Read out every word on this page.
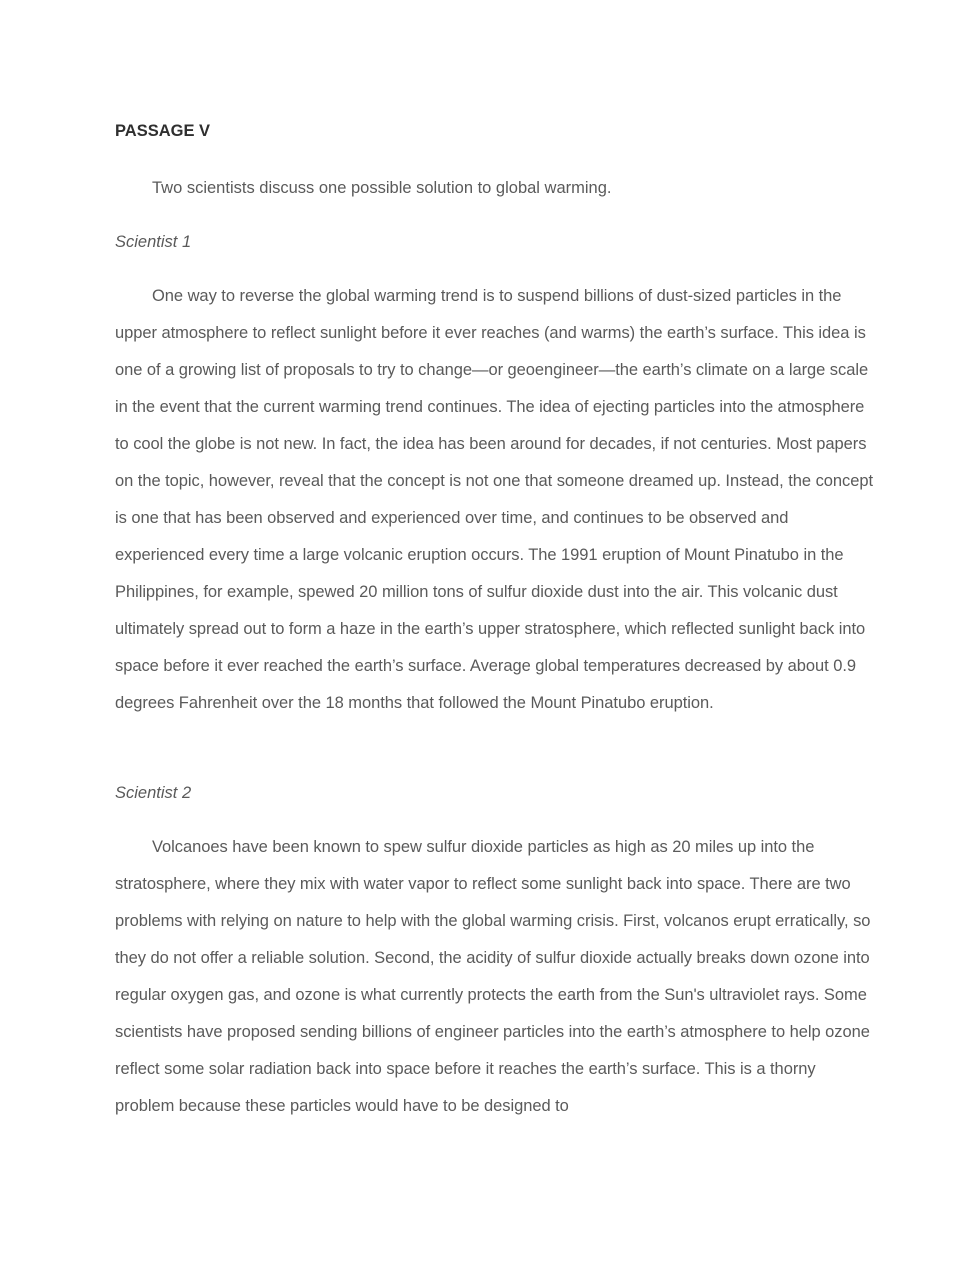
PASSAGE V

Two scientists discuss one possible solution to global warming.

Scientist 1

One way to reverse the global warming trend is to suspend billions of dust-sized particles in the upper atmosphere to reflect sunlight before it ever reaches (and warms) the earth’s surface. This idea is one of a growing list of proposals to try to change—or geoengineer—the earth’s climate on a large scale in the event that the current warming trend continues. The idea of ejecting particles into the atmosphere to cool the globe is not new. In fact, the idea has been around for decades, if not centuries. Most papers on the topic, however, reveal that the concept is not one that someone dreamed up. Instead, the concept is one that has been observed and experienced over time, and continues to be observed and experienced every time a large volcanic eruption occurs. The 1991 eruption of Mount Pinatubo in the Philippines, for example, spewed 20 million tons of sulfur dioxide dust into the air. This volcanic dust ultimately spread out to form a haze in the earth’s upper stratosphere, which reflected sunlight back into space before it ever reached the earth’s surface. Average global temperatures decreased by about 0.9 degrees Fahrenheit over the 18 months that followed the Mount Pinatubo eruption.

Scientist 2

Volcanoes have been known to spew sulfur dioxide particles as high as 20 miles up into the stratosphere, where they mix with water vapor to reflect some sunlight back into space. There are two problems with relying on nature to help with the global warming crisis. First, volcanos erupt erratically, so they do not offer a reliable solution. Second, the acidity of sulfur dioxide actually breaks down ozone into regular oxygen gas, and ozone is what currently protects the earth from the Sun's ultraviolet rays. Some scientists have proposed sending billions of engineer particles into the earth’s atmosphere to help ozone reflect some solar radiation back into space before it reaches the earth’s surface. This is a thorny problem because these particles would have to be designed to
